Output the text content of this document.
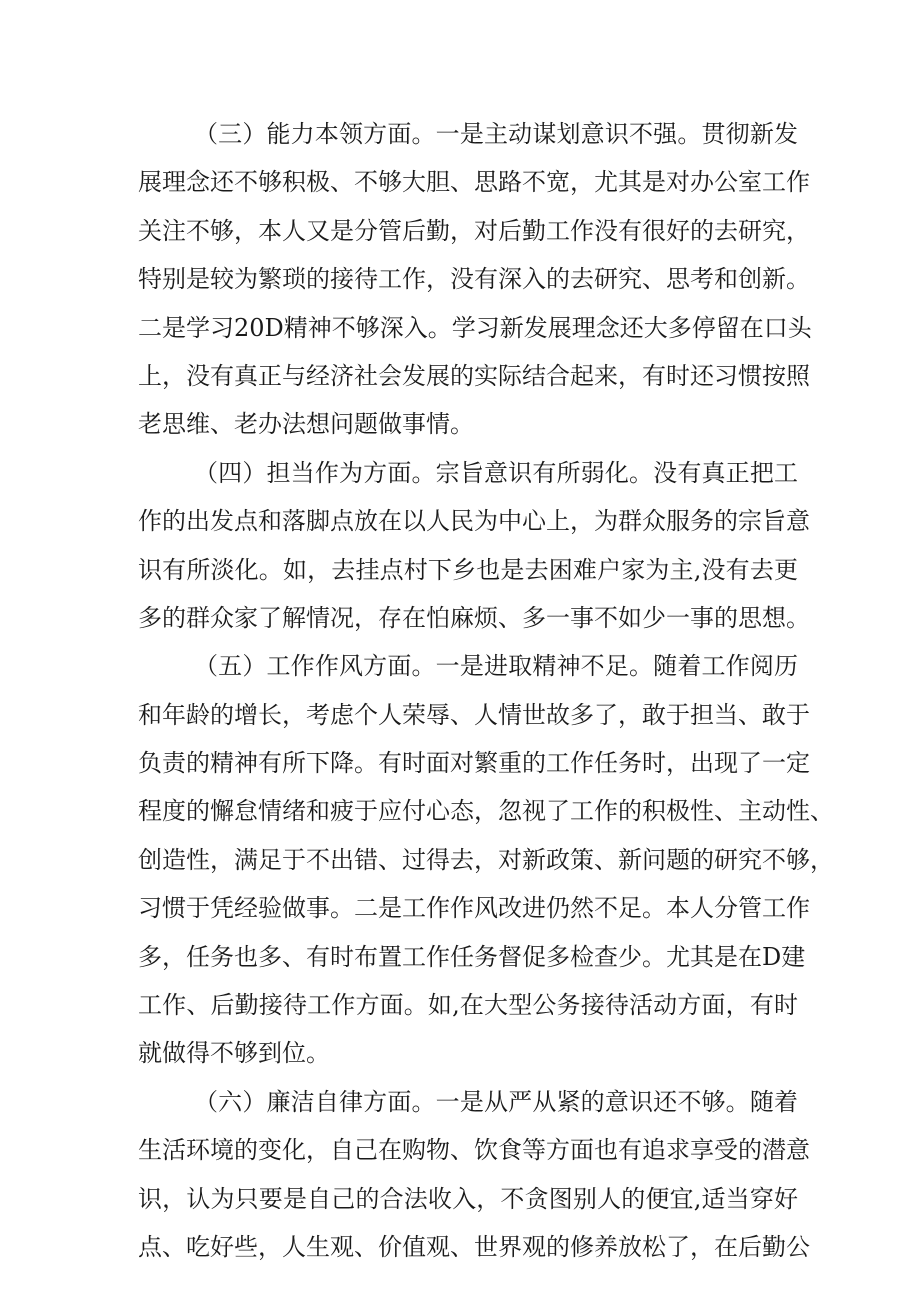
（三）能力本领方面。一是主动谋划意识不强。贯彻新发
展理念还不够积极、不够大胆、思路不宽，尤其是对办公室工作
关注不够，本人又是分管后勤，对后勤工作没有很好的去研究，
特别是较为繁琐的接待工作，没有深入的去研究、思考和创新。
二是学习20D精神不够深入。学习新发展理念还大多停留在口头
上，没有真正与经济社会发展的实际结合起来，有时还习惯按照
老思维、老办法想问题做事情。
（四）担当作为方面。宗旨意识有所弱化。没有真正把工
作的出发点和落脚点放在以人民为中心上，为群众服务的宗旨意
识有所淡化。如，去挂点村下乡也是去困难户家为主,没有去更
多的群众家了解情况，存在怕麻烦、多一事不如少一事的思想。
（五）工作作风方面。一是进取精神不足。随着工作阅历
和年龄的增长，考虑个人荣辱、人情世故多了，敢于担当、敢于
负责的精神有所下降。有时面对繁重的工作任务时，出现了一定
程度的懈怠情绪和疲于应付心态，忽视了工作的积极性、主动性、
创造性，满足于不出错、过得去，对新政策、新问题的研究不够，
习惯于凭经验做事。二是工作作风改进仍然不足。本人分管工作
多，任务也多、有时布置工作任务督促多检查少。尤其是在D建
工作、后勤接待工作方面。如,在大型公务接待活动方面，有时
就做得不够到位。
（六）廉洁自律方面。一是从严从紧的意识还不够。随着
生活环境的变化，自己在购物、饮食等方面也有追求享受的潜意
识，认为只要是自己的合法收入，不贪图别人的便宜,适当穿好
点、吃好些，人生观、价值观、世界观的修养放松了，在后勤公
